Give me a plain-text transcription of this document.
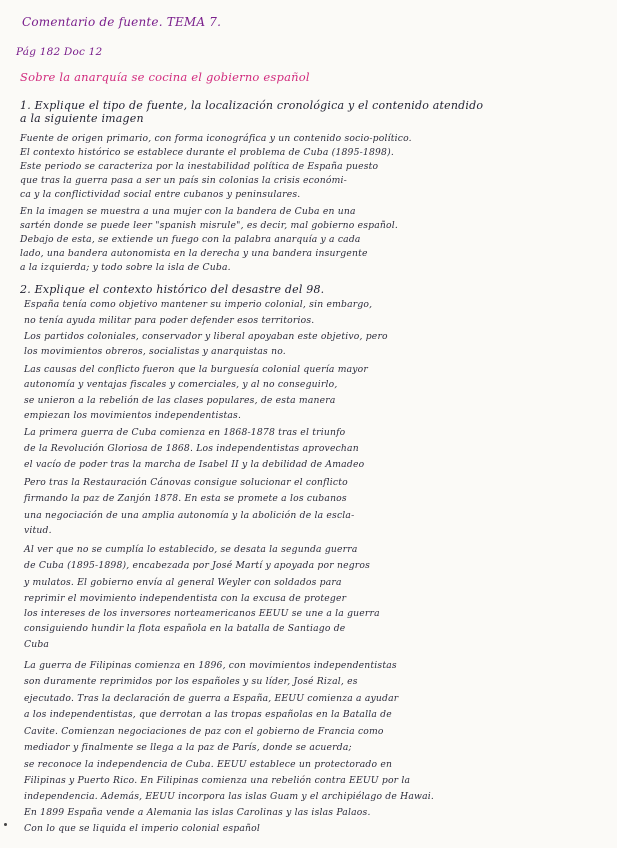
Comentario de fuente. TEMA 7.
Pág 182 Doc 12
Sobre la anarquía se cocina el gobierno español
1. Explique el tipo de fuente, la localización cronológica y el contenido atendido
a la siguiente imagen
Fuente de origen primario, con forma iconográfica y un contenido socio-político.
El contexto histórico se establece durante el problema de Cuba (1895-1898).
Este periodo se caracteriza por la inestabilidad política de España puesto
que tras la guerra pasa a ser un país sin colonias la crisis económi-
ca y la conflictividad social entre cubanos y peninsulares.
En la imagen se muestra a una mujer con la bandera de Cuba en una
sartén donde se puede leer "spanish misrule", es decir, mal gobierno español.
Debajo de esta, se extiende un fuego con la palabra anarquía y a cada
lado, una bandera autonomista en la derecha y una bandera insurgente
a la izquierda; y todo sobre la isla de Cuba.
2. Explique el contexto histórico del desastre del 98.
España tenía como objetivo mantener su imperio colonial, sin embargo,
no tenía ayuda militar para poder defender esos territorios.
Los partidos coloniales, conservador y liberal apoyaban este objetivo, pero
los movimientos obreros, socialistas y anarquistas no.
Las causas del conflicto fueron que la burguesía colonial quería mayor
autonomía y ventajas fiscales y comerciales, y al no conseguirlo,
se unieron a la rebelión de las clases populares, de esta manera
empiezan los movimientos independentistas.
La primera guerra de Cuba comienza en 1868-1878 tras el triunfo
de la Revolución Gloriosa de 1868. Los independentistas aprovechan
el vacío de poder tras la marcha de Isabel II y la debilidad de Amadeo
Pero tras la Restauración Cánovas consigue solucionar el conflicto
firmando la paz de Zanjón 1878. En esta se promete a los cubanos
una negociación de una amplia autonomía y la abolición de la escla-
vitud.
Al ver que no se cumplía lo establecido, se desata la segunda guerra
de Cuba (1895-1898), encabezada por José Martí y apoyada por negros
y mulatos. El gobierno envía al general Weyler con soldados para
reprimir el movimiento independentista con la excusa de proteger
los intereses de los inversores norteamericanos EEUU se une a la guerra
consiguiendo hundir la flota española en la batalla de Santiago de
Cuba
La guerra de Filipinas comienza en 1896, con movimientos independentistas
son duramente reprimidos por los españoles y su líder, José Rizal, es
ejecutado. Tras la declaración de guerra a España, EEUU comienza a ayudar
a los independentistas, que derrotan a las tropas españolas en la Batalla de
Cavite. Comienzan negociaciones de paz con el gobierno de Francia como
mediador y finalmente se llega a la paz de París, donde se acuerda;
se reconoce la independencia de Cuba. EEUU establece un protectorado en
Filipinas y Puerto Rico. En Filipinas comienza una rebelión contra EEUU por la
independencia. Además, EEUU incorpora las islas Guam y el archipiélago de Hawai.
En 1899 España vende a Alemania las islas Carolinas y las islas Palaos.
Con lo que se liquida el imperio colonial español
